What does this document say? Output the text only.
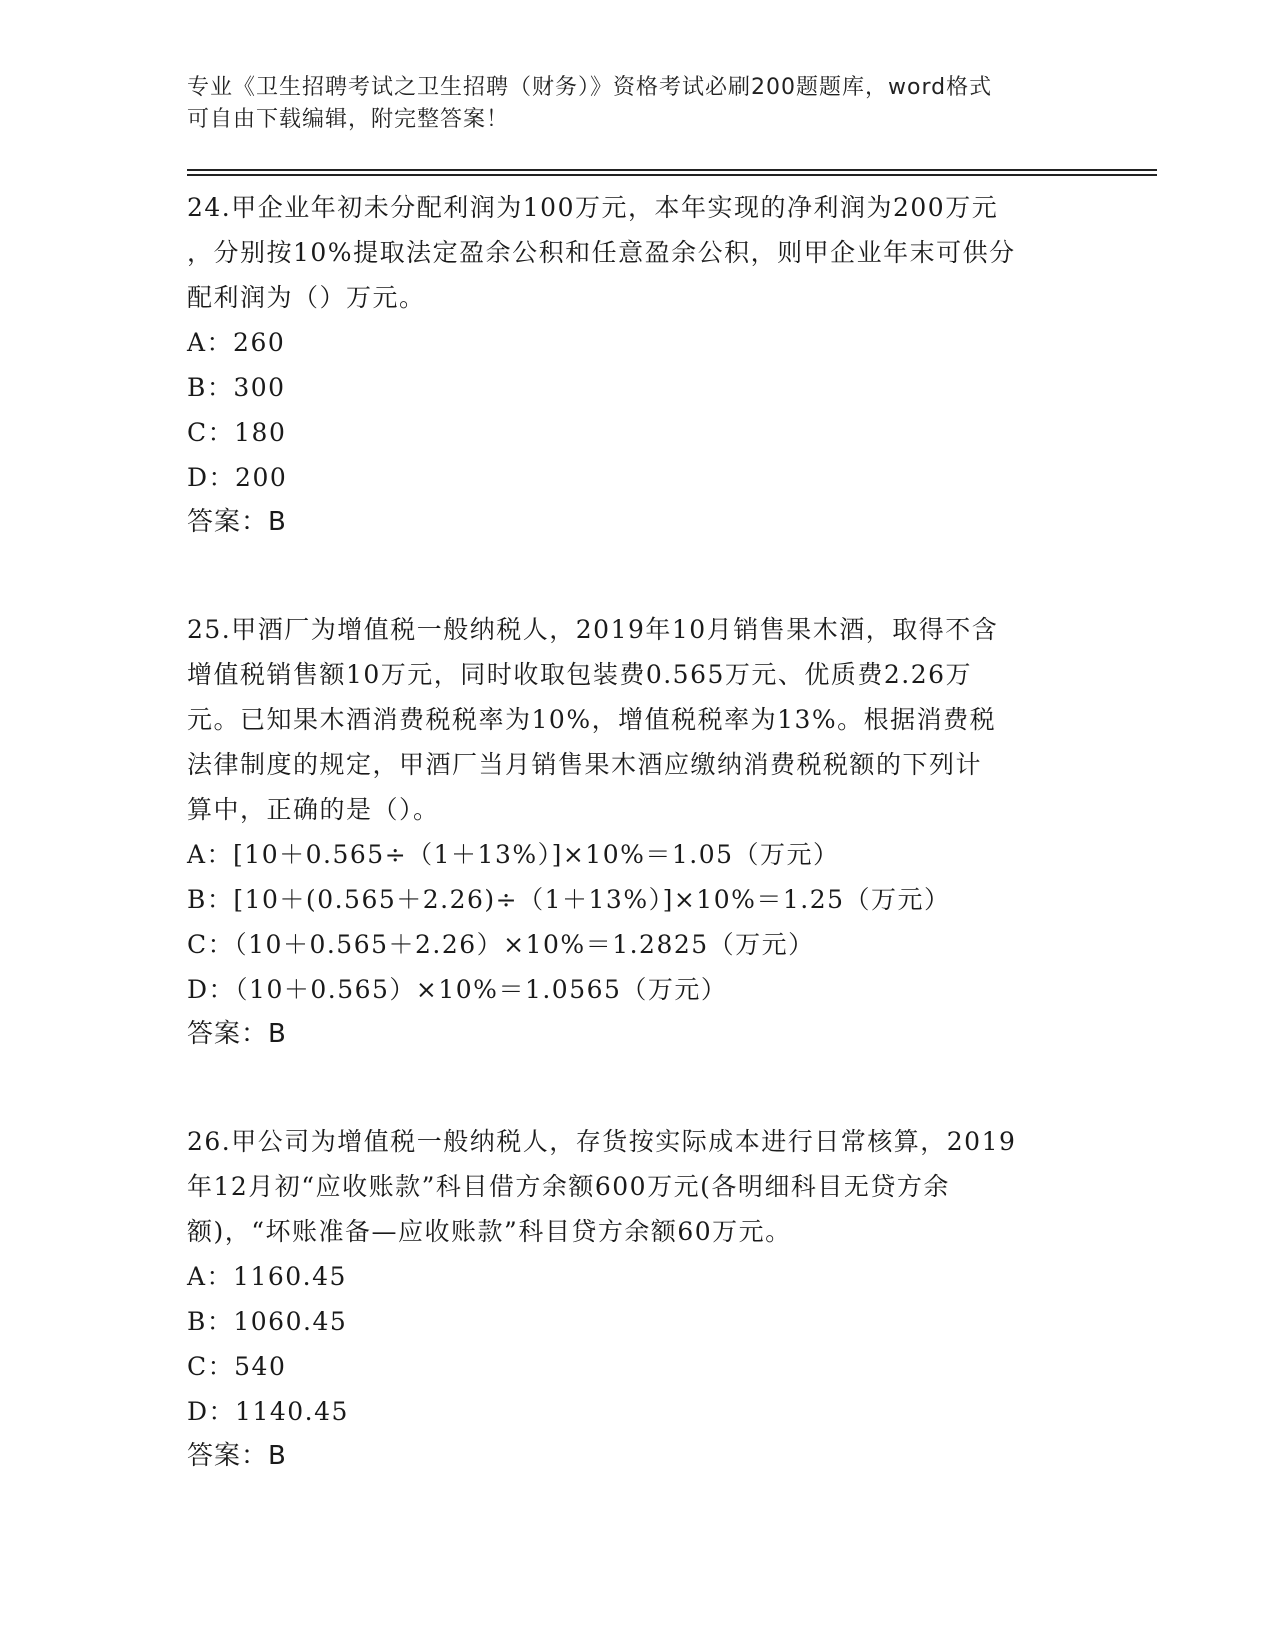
专业《卫生招聘考试之卫生招聘（财务）》资格考试必刷200题题库，word格式
可自由下载编辑，附完整答案！
24.甲企业年初未分配利润为100万元，本年实现的净利润为200万元
，分别按10%提取法定盈余公积和任意盈余公积，则甲企业年末可供分
配利润为（）万元。
A：260
B：300
C：180
D：200
答案：B
25.甲酒厂为增值税一般纳税人，2019年10月销售果木酒，取得不含
增值税销售额10万元，同时收取包装费0.565万元、优质费2.26万
元。已知果木酒消费税税率为10%，增值税税率为13%。根据消费税
法律制度的规定，甲酒厂当月销售果木酒应缴纳消费税税额的下列计
算中，正确的是（）。
A：[10＋0.565÷（1＋13%）]×10%＝1.05（万元）
B：[10＋(0.565＋2.26)÷（1＋13%）]×10%＝1.25（万元）
C：（10＋0.565＋2.26）×10%＝1.2825（万元）
D：（10＋0.565）×10%＝1.0565（万元）
答案：B
26.甲公司为增值税一般纳税人，存货按实际成本进行日常核算，2019
年12月初“应收账款”科目借方余额600万元(各明细科目无贷方余
额)，“坏账准备—应收账款”科目贷方余额60万元。
A：1160.45
B：1060.45
C：540
D：1140.45
答案：B
